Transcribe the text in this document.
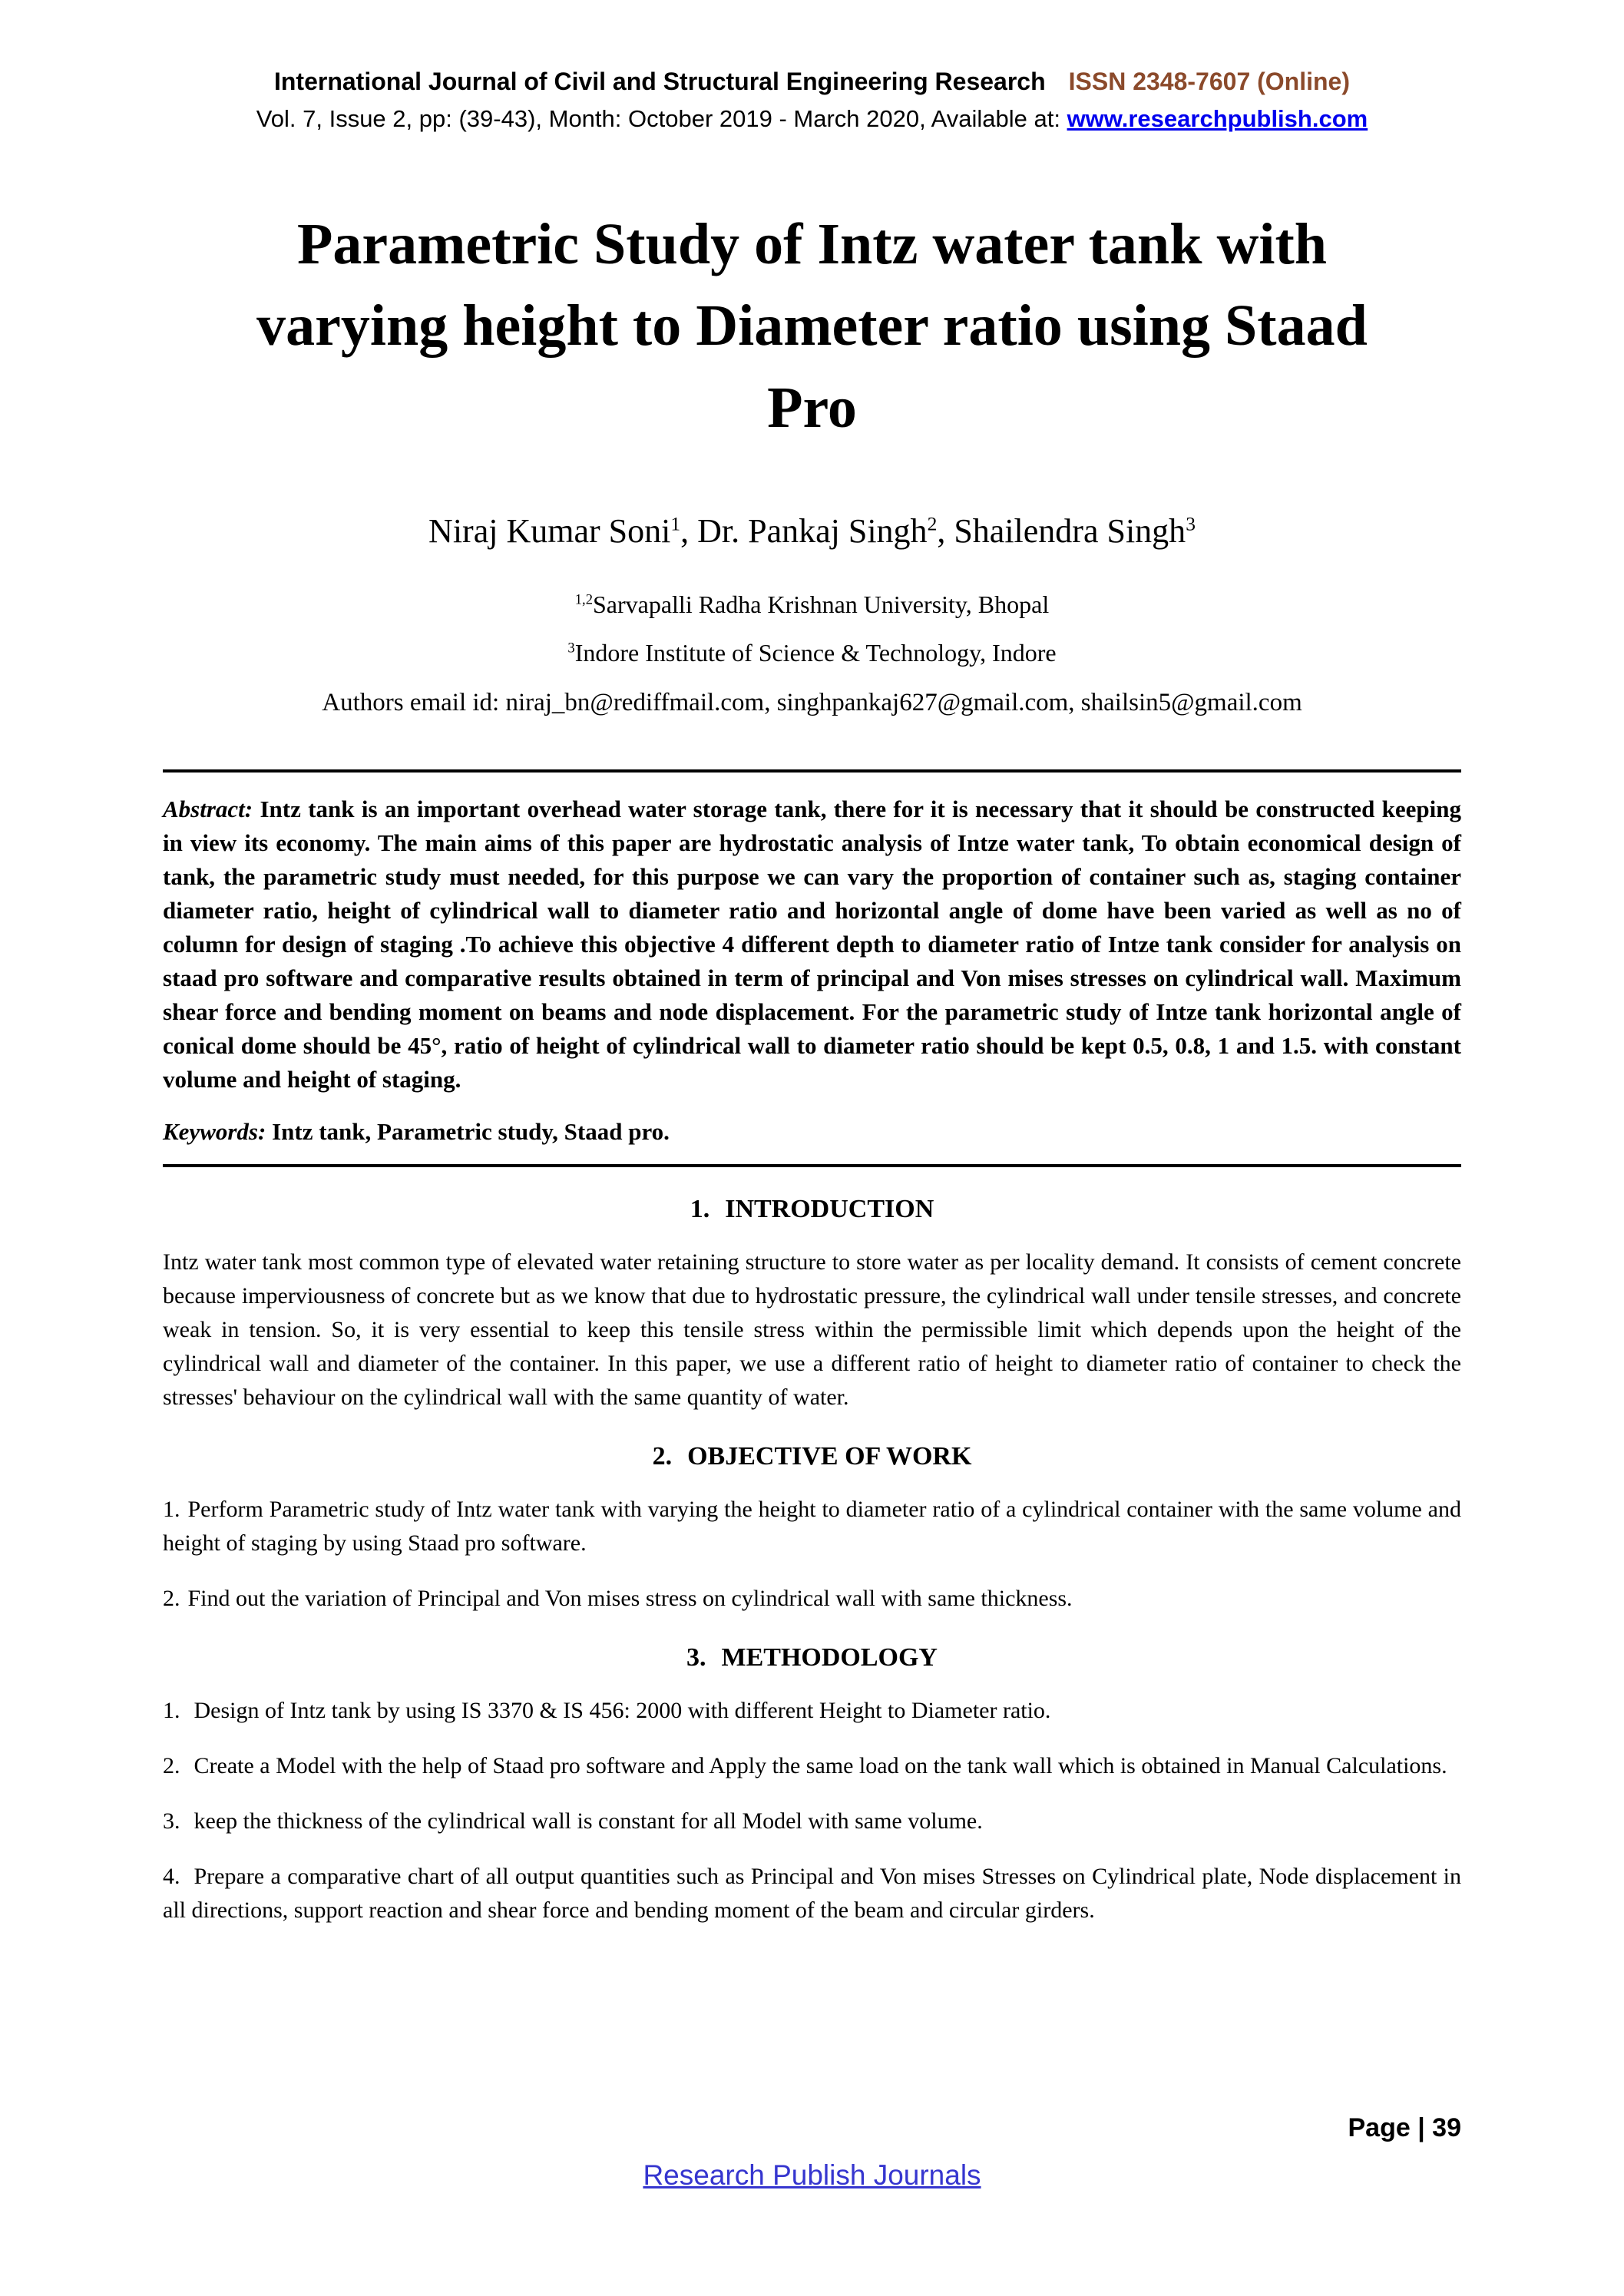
International Journal of Civil and Structural Engineering Research ISSN 2348-7607 (Online)
Vol. 7, Issue 2, pp: (39-43), Month: October 2019 - March 2020, Available at: www.researchpublish.com
Parametric Study of Intz water tank with varying height to Diameter ratio using Staad Pro
Niraj Kumar Soni$^1$, Dr. Pankaj Singh$^2$, Shailendra Singh$^3$
$^{1,2}$Sarvapalli Radha Krishnan University, Bhopal
$^3$Indore Institute of Science & Technology, Indore
Authors email id: niraj_bn@rediffmail.com, singhpankaj627@gmail.com, shailsin5@gmail.com

Abstract: Intz tank is an important overhead water storage tank, there for it is necessary that it should be constructed keeping in view its economy. The main aims of this paper are hydrostatic analysis of Intze water tank, To obtain economical design of tank, the parametric study must needed, for this purpose we can vary the proportion of container such as, staging container diameter ratio, height of cylindrical wall to diameter ratio and horizontal angle of dome have been varied as well as no of column for design of staging .To achieve this objective 4 different depth to diameter ratio of Intze tank consider for analysis on staad pro software and comparative results obtained in term of principal and Von mises stresses on cylindrical wall. Maximum shear force and bending moment on beams and node displacement. For the parametric study of Intze tank horizontal angle of conical dome should be 45°, ratio of height of cylindrical wall to diameter ratio should be kept 0.5, 0.8, 1 and 1.5. with constant volume and height of staging.

Keywords: Intz tank, Parametric study, Staad pro.

1. INTRODUCTION

Intz water tank most common type of elevated water retaining structure to store water as per locality demand. It consists of cement concrete because imperviousness of concrete but as we know that due to hydrostatic pressure, the cylindrical wall under tensile stresses, and concrete weak in tension. So, it is very essential to keep this tensile stress within the permissible limit which depends upon the height of the cylindrical wall and diameter of the container. In this paper, we use a different ratio of height to diameter ratio of container to check the stresses' behaviour on the cylindrical wall with the same quantity of water.

2. OBJECTIVE OF WORK

1. Perform Parametric study of Intz water tank with varying the height to diameter ratio of a cylindrical container with the same volume and height of staging by using Staad pro software.

2. Find out the variation of Principal and Von mises stress on cylindrical wall with same thickness.

3. METHODOLOGY

1. Design of Intz tank by using IS 3370 & IS 456: 2000 with different Height to Diameter ratio.

2. Create a Model with the help of Staad pro software and Apply the same load on the tank wall which is obtained in Manual Calculations.

3. keep the thickness of the cylindrical wall is constant for all Model with same volume.

4. Prepare a comparative chart of all output quantities such as Principal and Von mises Stresses on Cylindrical plate, Node displacement in all directions, support reaction and shear force and bending moment of the beam and circular girders.

Page | 39
Research Publish Journals
